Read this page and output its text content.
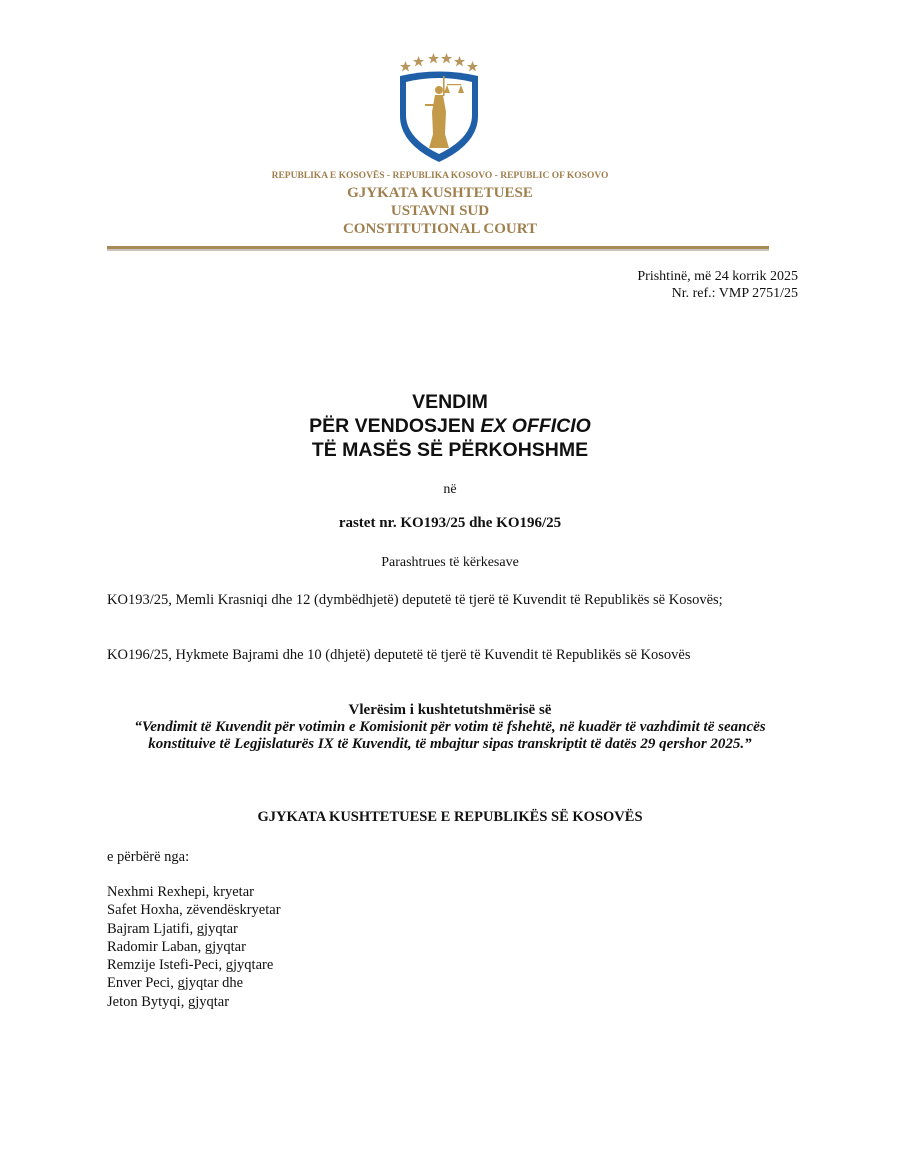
REPUBLIKA E KOSOVËS - REPUBLIKA KOSOVO - REPUBLIC OF KOSOVO
GJYKATA KUSHTETUESE
USTAVNI SUD
CONSTITUTIONAL COURT
Prishtinë, më 24 korrik 2025
Nr. ref.: VMP 2751/25
VENDIM
PËR VENDOSJEN EX OFFICIO
TË MASËS SË PËRKOHSHME
në
rastet nr. KO193/25 dhe KO196/25
Parashtrues të kërkesave
KO193/25, Memli Krasniqi dhe 12 (dymbëdhjetë) deputetë të tjerë të Kuvendit të Republikës së Kosovës;
KO196/25, Hykmete Bajrami dhe 10 (dhjetë) deputetë të tjerë të Kuvendit të Republikës së Kosovës
Vlerësim i kushtetutshmërisë së
“Vendimit të Kuvendit për votimin e Komisionit për votim të fshehtë, në kuadër të vazhdimit të seancës konstituive të Legjislaturës IX të Kuvendit, të mbajtur sipas transkriptit të datës 29 qershor 2025.”
GJYKATA KUSHTETUESE E REPUBLIKËS SË KOSOVËS
e përbërë nga:
Nexhmi Rexhepi, kryetar
Safet Hoxha, zëvendëskryetar
Bajram Ljatifi, gjyqtar
Radomir Laban, gjyqtar
Remzije Istefi-Peci, gjyqtare
Enver Peci, gjyqtar dhe
Jeton Bytyqi, gjyqtar
